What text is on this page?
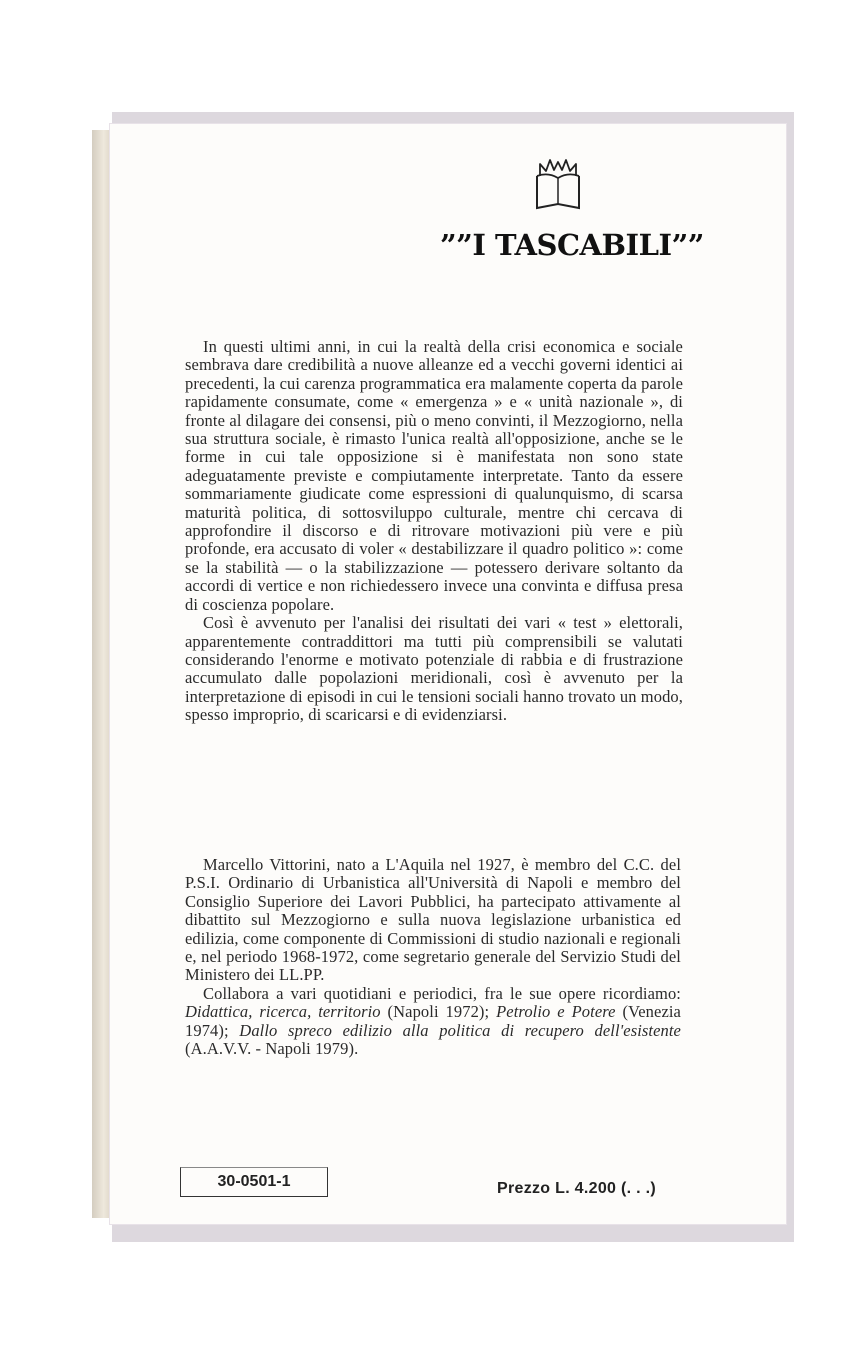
””I TASCABILI””

In questi ultimi anni, in cui la realtà della crisi economica e sociale sembrava dare credibilità a nuove alleanze ed a vecchi governi identici ai precedenti, la cui carenza programmatica era malamente coperta da parole rapidamente consumate, come « emergenza » e « unità nazionale », di fronte al dilagare dei consensi, più o meno convinti, il Mezzogiorno, nella sua struttura sociale, è rimasto l'unica realtà all'opposizione, anche se le forme in cui tale opposizione si è manifestata non sono state adeguatamente previste e compiutamente interpretate. Tanto da essere sommariamente giudicate come espressioni di qualunquismo, di scarsa maturità politica, di sottosviluppo culturale, mentre chi cercava di approfondire il discorso e di ritrovare motivazioni più vere e più profonde, era accusato di voler « destabilizzare il quadro politico »: come se la stabilità — o la stabilizzazione — potessero derivare soltanto da accordi di vertice e non richiedessero invece una convinta e diffusa presa di coscienza popolare.

Così è avvenuto per l'analisi dei risultati dei vari « test » elettorali, apparentemente contraddittori ma tutti più comprensibili se valutati considerando l'enorme e motivato potenziale di rabbia e di frustrazione accumulato dalle popolazioni meridionali, così è avvenuto per la interpretazione di episodi in cui le tensioni sociali hanno trovato un modo, spesso improprio, di scaricarsi e di evidenziarsi.

Marcello Vittorini, nato a L'Aquila nel 1927, è membro del C.C. del P.S.I. Ordinario di Urbanistica all'Università di Napoli e membro del Consiglio Superiore dei Lavori Pubblici, ha partecipato attivamente al dibattito sul Mezzogiorno e sulla nuova legislazione urbanistica ed edilizia, come componente di Commissioni di studio nazionali e regionali e, nel periodo 1968-1972, come segretario generale del Servizio Studi del Ministero dei LL.PP.

Collabora a vari quotidiani e periodici, fra le sue opere ricordiamo: Didattica, ricerca, territorio (Napoli 1972); Petrolio e Potere (Venezia 1974); Dallo spreco edilizio alla politica di recupero dell'esistente (A.A.V.V. - Napoli 1979).

30-0501-1	Prezzo L. 4.200 (. . .)
